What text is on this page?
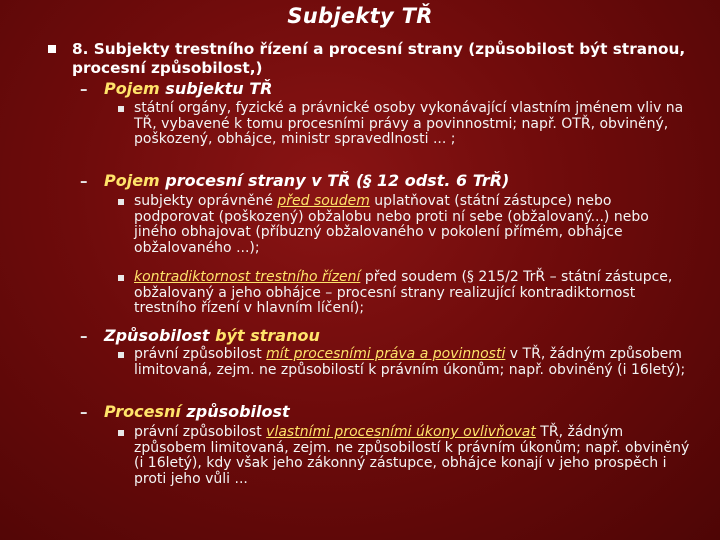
Subjekty TŘ
8. Subjekty trestního řízení a procesní strany (způsobilost být stranou, procesní způsobilost,)
– Pojem subjektu TŘ
státní orgány, fyzické a právnické osoby vykonávající vlastním jménem vliv na TŘ, vybavené k tomu procesními právy a povinnostmi; např. OTŘ, obviněný, poškozený, obhájce, ministr spravedlnosti ... ;
– Pojem procesní strany v TŘ (§ 12 odst. 6 TrŘ)
subjekty oprávněné před soudem uplatňovat (státní zástupce) nebo podporovat (poškozený) obžalobu nebo proti ní sebe (obžalovaný...) nebo jiného obhajovat (příbuzný obžalovaného v pokolení přímém, obhájce obžalovaného ...);
kontradiktornost trestního řízení před soudem (§ 215/2 TrŘ – státní zástupce, obžalovaný a jeho obhájce – procesní strany realizující kontradiktornost trestního řízení v hlavním líčení);
– Způsobilost být stranou
právní způsobilost mít procesními práva a povinnosti v TŘ, žádným způsobem limitovaná, zejm. ne způsobilostí k právním úkonům; např. obviněný (i 16letý);
– Procesní způsobilost
právní způsobilost vlastními procesními úkony ovlivňovat TŘ, žádným způsobem limitovaná, zejm. ne způsobilostí k právním úkonům; např. obviněný (i 16letý), kdy však jeho zákonný zástupce, obhájce konají v jeho prospěch i proti jeho vůli ...
